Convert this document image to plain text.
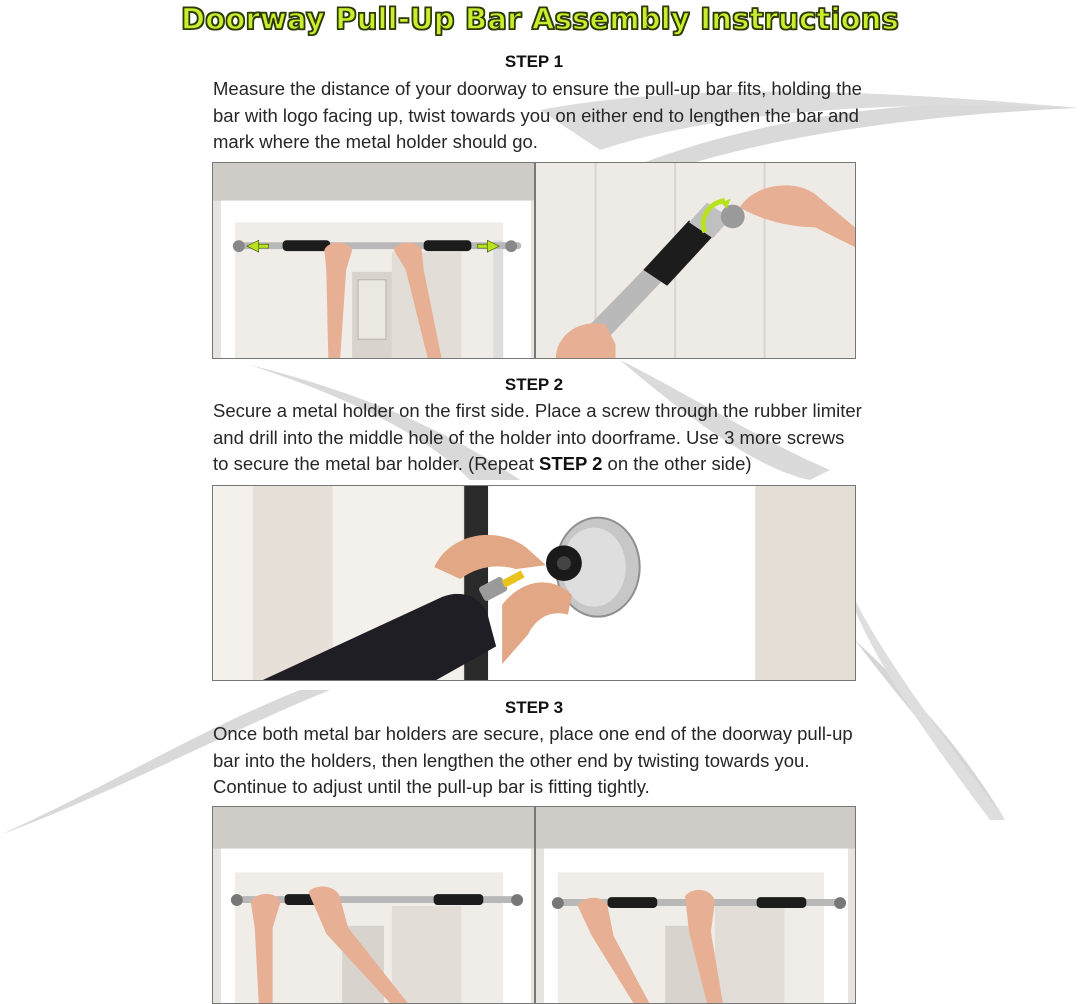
Doorway Pull-Up Bar Assembly Instructions
STEP 1

Measure the distance of your doorway to ensure the pull-up bar fits, holding the bar with logo facing up, twist towards you on either end to lengthen the bar and mark where the metal holder should go.

STEP 2

Secure a metal holder on the first side. Place a screw through the rubber limiter and drill into the middle hole of the holder into doorframe. Use 3 more screws to secure the metal bar holder. (Repeat STEP 2 on the other side)

STEP 3

Once both metal bar holders are secure, place one end of the doorway pull-up bar into the holders, then lengthen the other end by twisting towards you. Continue to adjust until the pull-up bar is fitting tightly.
